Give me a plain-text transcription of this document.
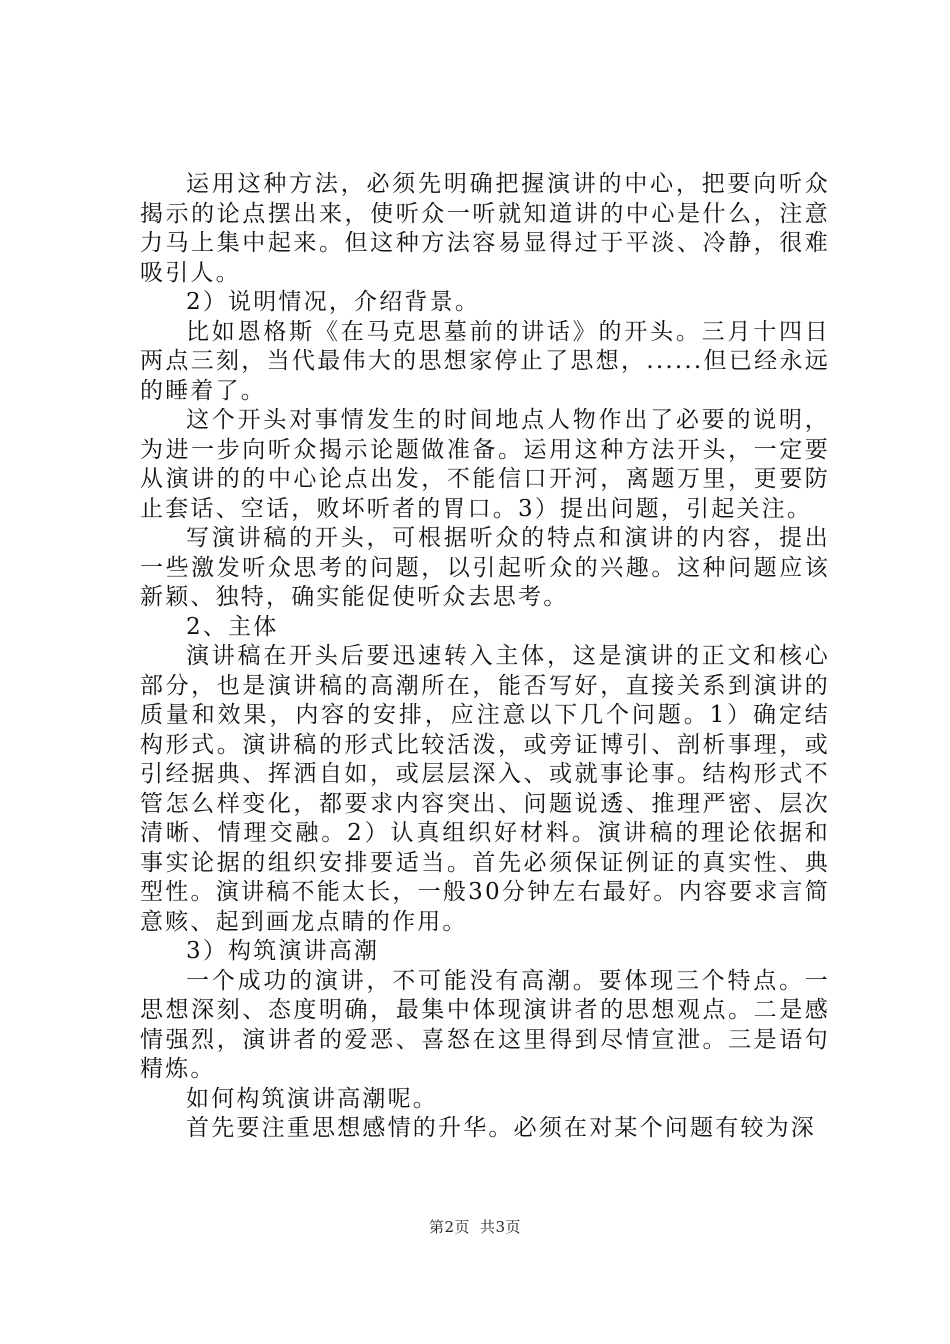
运用这种方法，必须先明确把握演讲的中心，把要向听众揭示的论点摆出来，使听众一听就知道讲的中心是什么，注意力马上集中起来。但这种方法容易显得过于平淡、冷静，很难吸引人。

2）说明情况，介绍背景。

比如恩格斯《在马克思墓前的讲话》的开头。三月十四日两点三刻，当代最伟大的思想家停止了思想，......但已经永远的睡着了。

这个开头对事情发生的时间地点人物作出了必要的说明，为进一步向听众揭示论题做准备。运用这种方法开头，一定要从演讲的的中心论点出发，不能信口开河，离题万里，更要防止套话、空话，败坏听者的胃口。3）提出问题，引起关注。

写演讲稿的开头，可根据听众的特点和演讲的内容，提出一些激发听众思考的问题，以引起听众的兴趣。这种问题应该新颖、独特，确实能促使听众去思考。

2、主体

演讲稿在开头后要迅速转入主体，这是演讲的正文和核心部分，也是演讲稿的高潮所在，能否写好，直接关系到演讲的质量和效果，内容的安排，应注意以下几个问题。1）确定结构形式。演讲稿的形式比较活泼，或旁证博引、剖析事理，或引经据典、挥洒自如，或层层深入、或就事论事。结构形式不管怎么样变化，都要求内容突出、问题说透、推理严密、层次清晰、情理交融。2）认真组织好材料。演讲稿的理论依据和事实论据的组织安排要适当。首先必须保证例证的真实性、典型性。演讲稿不能太长，一般30分钟左右最好。内容要求言简意赅、起到画龙点睛的作用。

3）构筑演讲高潮

一个成功的演讲，不可能没有高潮。要体现三个特点。一思想深刻、态度明确，最集中体现演讲者的思想观点。二是感情强烈，演讲者的爱恶、喜怒在这里得到尽情宣泄。三是语句精炼。

如何构筑演讲高潮呢。

首先要注重思想感情的升华。必须在对某个问题有较为深

第2页 共3页
